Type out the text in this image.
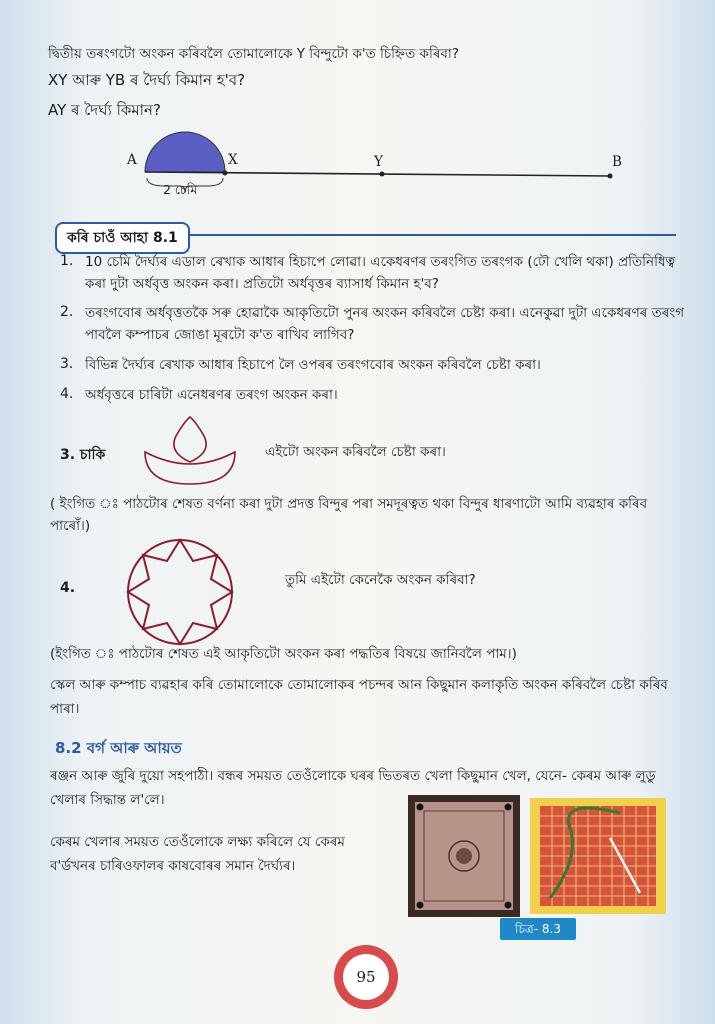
দ্বিতীয় তৰংগটো অংকন কৰিবলৈ তোমালোকে Y বিন্দুটো ক'ত চিহ্নিত কৰিবা?
XY আৰু YB ৰ দৈৰ্ঘ্য কিমান হ'ব?
AY ৰ দৈৰ্ঘ্য কিমান?
A	X	Y	B
2 চেমি
কৰি চাওঁ আহা 8.1
1. 10 চেমি দৈৰ্ঘ্যৰ এডাল ৰেখাক আধাৰ হিচাপে লোৱা। একেধৰণৰ তৰংগিত তৰংগক (ঢৌ খেলি থকা) প্ৰতিনিধিত্ব কৰা দুটা অৰ্ধবৃত্ত অংকন কৰা। প্ৰতিটো অৰ্ধবৃত্তৰ ব্যাসাৰ্ধ কিমান হ'ব?
2. তৰংগবোৰ অৰ্ধবৃত্ততকৈ সৰু হোৱাকৈ আকৃতিটো পুনৰ অংকন কৰিবলৈ চেষ্টা কৰা। এনেকুৱা দুটা একেধৰণৰ তৰংগ পাবলৈ কম্পাচৰ জোঙা মূৰটো ক'ত ৰাখিব লাগিব?
3. বিভিন্ন দৈৰ্ঘ্যৰ ৰেখাক আধাৰ হিচাপে লৈ ওপৰৰ তৰংগবোৰ অংকন কৰিবলৈ চেষ্টা কৰা।
4. অৰ্ধবৃত্তৰে চাৰিটা এনেধৰণৰ তৰংগ অংকন কৰা।
3. চাকি	এইটো অংকন কৰিবলৈ চেষ্টা কৰা।
( ইংগিত ঃ পাঠটোৰ শেষত বৰ্ণনা কৰা দুটা প্ৰদত্ত বিন্দুৰ পৰা সমদূৰত্বত থকা বিন্দুৰ ধাৰণাটো আমি ব্যৱহাৰ কৰিব পাৰোঁ।)
4.	তুমি এইটো কেনেকৈ অংকন কৰিবা?
(ইংগিত ঃ পাঠটোৰ শেষত এই আকৃতিটো অংকন কৰা পদ্ধতিৰ বিষয়ে জানিবলৈ পাম।)
স্কেল আৰু কম্পাচ ব্যৱহাৰ কৰি তোমালোকে তোমালোকৰ পচন্দৰ আন কিছুমান কলাকৃতি অংকন কৰিবলৈ চেষ্টা কৰিব পাৰা।
8.2 বৰ্গ আৰু আয়ত
ৰঞ্জন আৰু জুৰি দুয়ো সহপাঠী। বন্ধৰ সময়ত তেওঁলোকে ঘৰৰ ভিতৰত খেলা কিছুমান খেল, যেনে- কেৰম আৰু লুডু খেলাৰ সিদ্ধান্ত ল'লে।
কেৰম খেলাৰ সময়ত তেওঁলোকে লক্ষ্য কৰিলে যে কেৰম ব'ৰ্ডখনৰ চাৰিওফালৰ কাষবোৰৰ সমান দৈৰ্ঘ্যৰ।
চিত্ৰ- 8.3
95
